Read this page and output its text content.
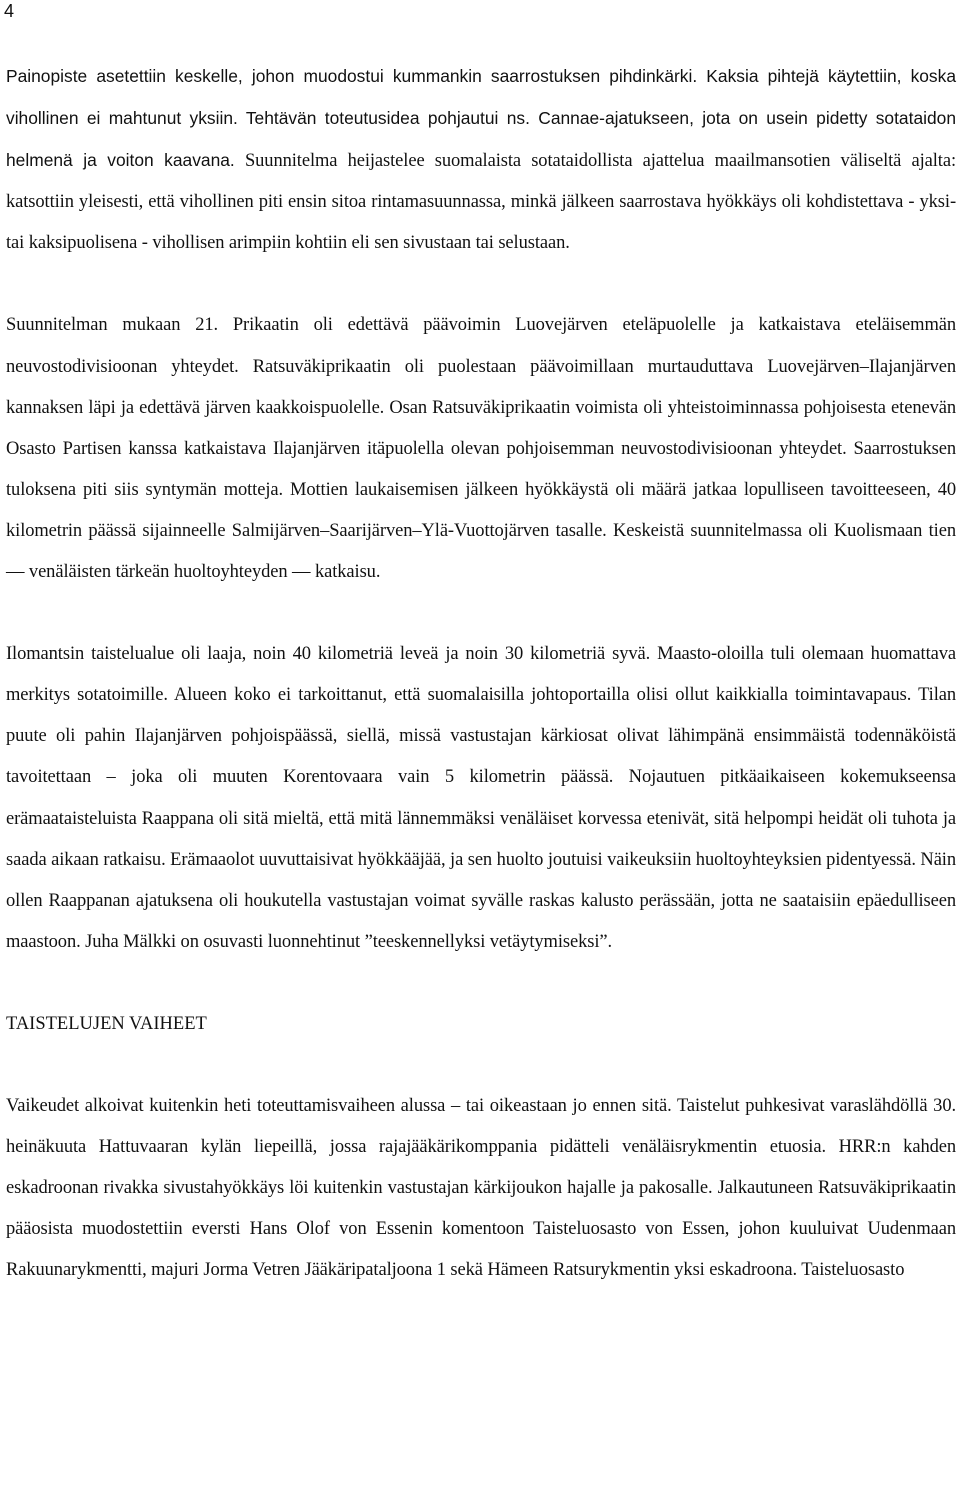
4

Painopiste asetettiin keskelle, johon muodostui kummankin saarrostuksen pihdinkärki. Kaksia pihtejä käytettiin, koska vihollinen ei mahtunut yksiin. Tehtävän toteutusidea pohjautui ns. Cannae-ajatukseen, jota on usein pidetty sotataidon helmenä ja voiton kaavana. Suunnitelma heijastelee suomalaista sotataidollista ajattelua maailmansotien väliseltä ajalta: katsottiin yleisesti, että vihollinen piti ensin sitoa rintamasuunnassa, minkä jälkeen saarrostava hyökkäys oli kohdistettava - yksi- tai kaksipuolisena - vihollisen arimpiin kohtiin eli sen sivustaan tai selustaan.

Suunnitelman mukaan 21. Prikaatin oli edettävä päävoimin Luovejärven eteläpuolelle ja katkaistava eteläisemmän neuvostodivisioonan yhteydet. Ratsuväkiprikaatin oli puolestaan päävoimillaan murtauduttava Luovejärven–Ilajanjärven kannaksen läpi ja edettävä järven kaakkoispuolelle. Osan Ratsuväkiprikaatin voimista oli yhteistoiminnassa pohjoisesta etenevän Osasto Partisen kanssa katkaistava Ilajanjärven itäpuolella olevan pohjoisemman neuvostodivisioonan yhteydet. Saarrostuksen tuloksena piti siis syntymän motteja. Mottien laukaisemisen jälkeen hyökkäystä oli määrä jatkaa lopulliseen tavoitteeseen, 40 kilometrin päässä sijainneelle Salmijärven–Saarijärven–Ylä-Vuottojärven tasalle. Keskeistä suunnitelmassa oli Kuolismaan tien — venäläisten tärkeän huoltoyhteyden — katkaisu.

Ilomantsin taistelualue oli laaja, noin 40 kilometriä leveä ja noin 30 kilometriä syvä. Maasto-oloilla tuli olemaan huomattava merkitys sotatoimille. Alueen koko ei tarkoittanut, että suomalaisilla johtoportailla olisi ollut kaikkialla toimintavapaus. Tilan puute oli pahin Ilajanjärven pohjoispäässä, siellä, missä vastustajan kärkiosat olivat lähimpänä ensimmäistä todennäköistä tavoitettaan – joka oli muuten Korentovaara vain 5 kilometrin päässä. Nojautuen pitkäaikaiseen kokemukseensa erämaataisteluista Raappana oli sitä mieltä, että mitä lännemmäksi venäläiset korvessa etenivät, sitä helpompi heidät oli tuhota ja saada aikaan ratkaisu. Erämaaolot uuvuttaisivat hyökkääjää, ja sen huolto joutuisi vaikeuksiin huoltoyhteyksien pidentyessä. Näin ollen Raappanan ajatuksena oli houkutella vastustajan voimat syvälle raskas kalusto perässään, jotta ne saataisiin epäedulliseen maastoon. Juha Mälkki on osuvasti luonnehtinut ”teeskennellyksi vetäytymiseksi”.

TAISTELUJEN VAIHEET

Vaikeudet alkoivat kuitenkin heti toteuttamisvaiheen alussa – tai oikeastaan jo ennen sitä. Taistelut puhkesivat varaslähdöllä 30. heinäkuuta Hattuvaaran kylän liepeillä, jossa rajajääkärikomppania pidätteli venäläisrykmentin etuosia. HRR:n kahden eskadroonan rivakka sivustahyökkäys löi kuitenkin vastustajan kärkijoukon hajalle ja pakosalle. Jalkautuneen Ratsuväkiprikaatin pääosista muodostettiin eversti Hans Olof von Essenin komentoon Taisteluosasto von Essen, johon kuuluivat Uudenmaan Rakuunarykmentti, majuri Jorma Vetren Jääkäripataljoona 1 sekä Hämeen Ratsurykmentin yksi eskadroona. Taisteluosasto
